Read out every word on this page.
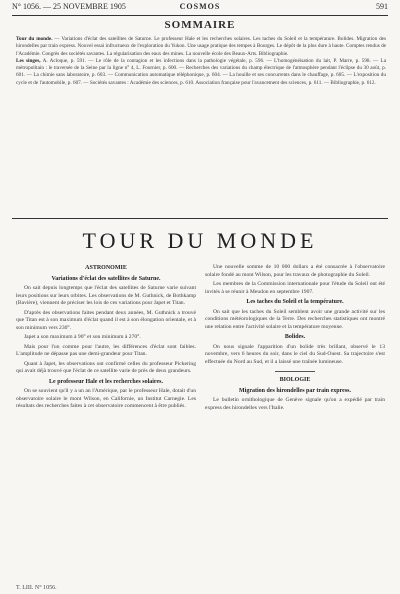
N° 1056. — 25 NOVEMBRE 1905	COSMOS	591
SOMMAIRE
Tour du monde. — Variations d'éclat des satellites de Saturne. Le professeur Hale et les recherches solaires. Les taches du Soleil et la température. Bolides. Migration des hirondelles par train express. Nouvel essai infructueux de l'exploration du Yukon. Une usage pratique des tempes à Bourges. Le dépôt de la plus dure à haute. Comptes rendus de l'Académie. Congrès des sociétés savantes. La régularisation des eaux des mines. La nouvelle école des Beaux-Arts. Bibliographie.
Les singes, A. Acloque, p. 591. — Le rôle de la contagion et les infections dans la pathologie végétale, p. 596. — L'homogénéisation du lait, P. Marre, p. 598. — La métropolitain : le traversée de la Seine par la ligne n° 4, L. Fournier, p. 600. — Recherches des variations du champ électrique de l'atmosphère pendant l'éclipse du 30 août, p. 601. — La chimie sans laboratoire, p. 603. — Communication automatique téléphonique, p. 604. — La houille et ses concurrents dans le chauffage, p. 605. — L'exposition du cycle et de l'automobile, p. 607. — Sociétés savantes : Académie des sciences, p. 610. Association française pour l'avancement des sciences, p. 611. — Bibliographie, p. 612.
TOUR DU MONDE
ASTRONOMIE
Variations d'éclat des satellites de Saturne.

On sait depuis longtemps que l'éclat des satellites de Saturne varie suivant leurs positions sur leurs orbites. Les observations de M. Guthnick, de Bothkamp (Bavière), viennent de préciser les lois de ces variations pour Japet et Titan.

D'après des observations faites pendant deux années, M. Guthnick a trouvé que Titan est à son maximum d'éclat quand il est à son élongation orientale, et à son minimum vers 230°.

Japet a son maximum à 90° et son minimum à 270°.

Mais pour l'un comme pour l'autre, les différences d'éclat sont faibles. L'amplitude ne dépasse pas une demi-grandeur pour Titan.

Quant à Japet, les observations ont confirmé celles du professeur Pickering qui avait déjà trouvé que l'éclat de ce satellite varie de près de deux grandeurs.

Le professeur Hale et les recherches solaires.

On se souvient qu'il y a un an l'Amérique, par le professeur Hale, dotait d'un observatoire solaire le mont Wilson, en Californie, un Institut Carnegie. Les résultats des recherches faites à cet observatoire commencent à être publiés.

Une nouvelle somme de 10 000 dollars a été consacrée à l'observatoire solaire fondé au mont Wilson, pour les travaux de photographie du Soleil.

Les membres de la Commission internationale pour l'étude du Soleil ont été invités à se réunir à Meudon en septembre 1907.

Les taches du Soleil et la température.

On sait que les taches du Soleil semblent avoir une grande activité sur les conditions météorologiques de la Terre. Des recherches statistiques ont montré une relation entre l'activité solaire et la température moyenne.

Bolides.

On nous signale l'apparition d'un bolide très brillant, observé le 13 novembre, vers 6 heures du soir, dans le ciel du Sud-Ouest. Sa trajectoire s'est effectuée du Nord au Sud, et il a laissé une traînée lumineuse.

BIOLOGIE
Migration des hirondelles par train express.

Le bulletin ornithologique de Genève signale qu'on a expédié par train express des hirondelles vers l'Italie.

T. LIII. N° 1056.
